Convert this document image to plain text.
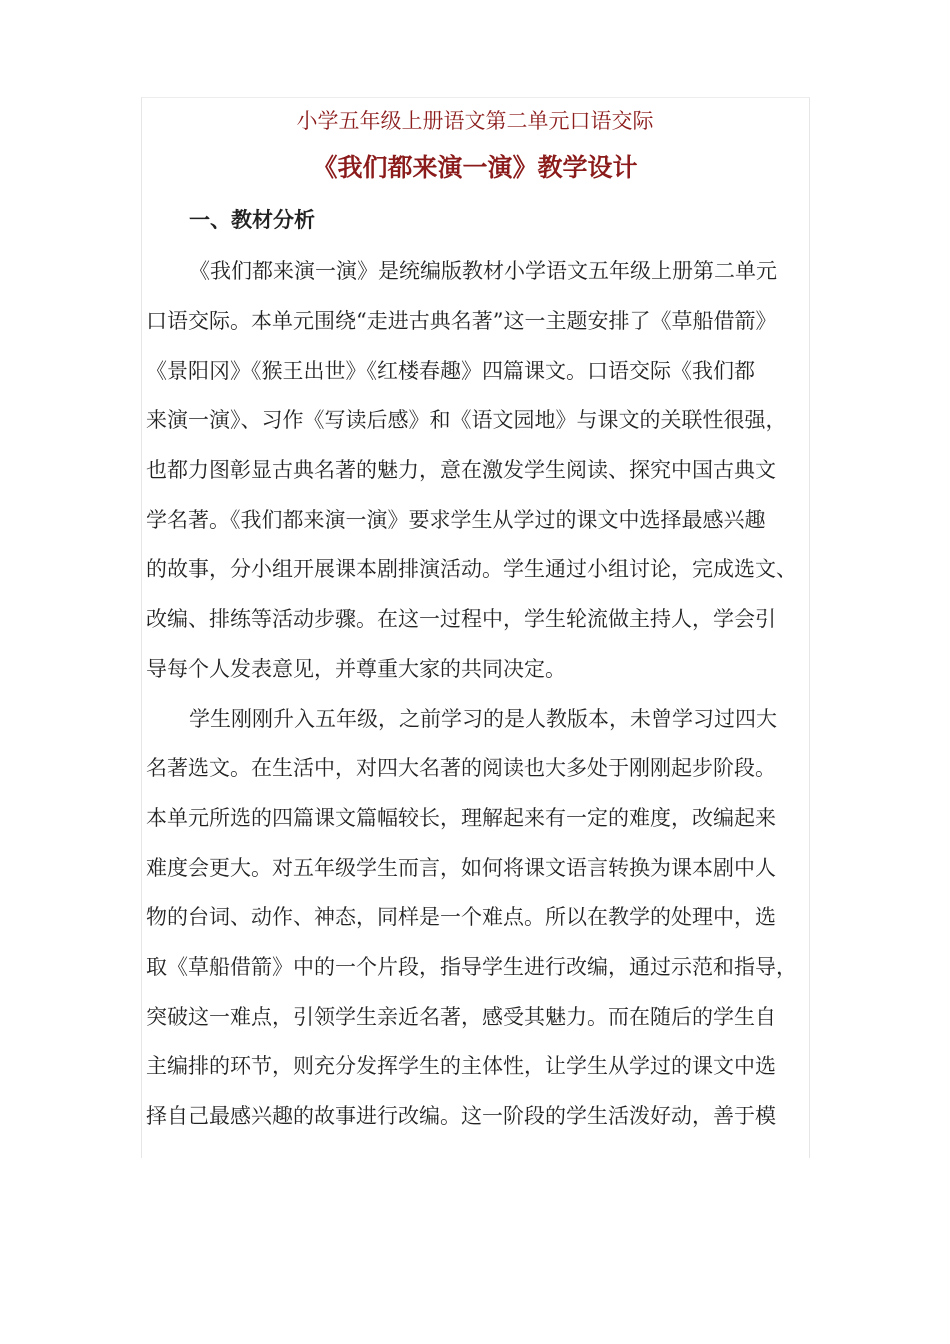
小学五年级上册语文第二单元口语交际
《我们都来演一演》教学设计
一、教材分析
《我们都来演一演》是统编版教材小学语文五年级上册第二单元
口语交际。本单元围绕“走进古典名著”这一主题安排了《草船借箭》
《景阳冈》《猴王出世》《红楼春趣》四篇课文。口语交际《我们都
来演一演》、习作《写读后感》和《语文园地》与课文的关联性很强，
也都力图彰显古典名著的魅力，意在激发学生阅读、探究中国古典文
学名著。《我们都来演一演》要求学生从学过的课文中选择最感兴趣
的故事，分小组开展课本剧排演活动。学生通过小组讨论，完成选文、
改编、排练等活动步骤。在这一过程中，学生轮流做主持人，学会引
导每个人发表意见，并尊重大家的共同决定。
学生刚刚升入五年级，之前学习的是人教版本，未曾学习过四大
名著选文。在生活中，对四大名著的阅读也大多处于刚刚起步阶段。
本单元所选的四篇课文篇幅较长，理解起来有一定的难度，改编起来
难度会更大。对五年级学生而言，如何将课文语言转换为课本剧中人
物的台词、动作、神态，同样是一个难点。所以在教学的处理中，选
取《草船借箭》中的一个片段，指导学生进行改编，通过示范和指导，
突破这一难点，引领学生亲近名著，感受其魅力。而在随后的学生自
主编排的环节，则充分发挥学生的主体性，让学生从学过的课文中选
择自己最感兴趣的故事进行改编。这一阶段的学生活泼好动，善于模
